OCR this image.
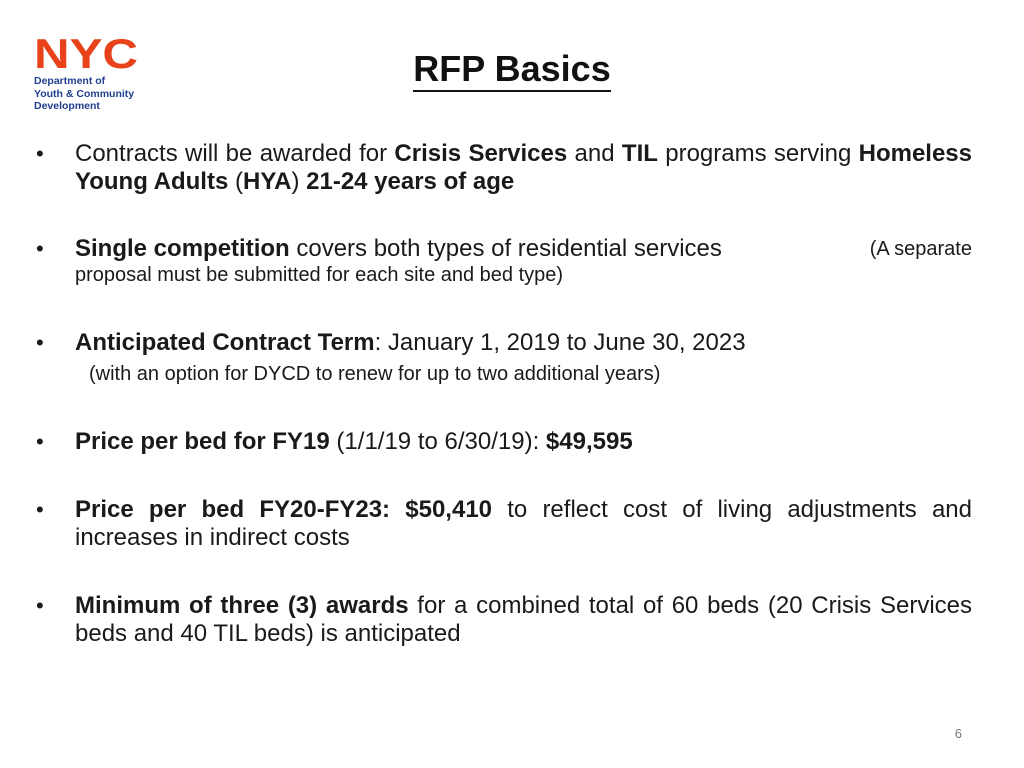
NYC
Department of
Youth & Community
Development
RFP Basics
• Contracts will be awarded for Crisis Services and TIL programs serving Homeless Young Adults (HYA) 21-24 years of age
•	(A separate
Single competition covers both types of residential services
proposal must be submitted for each site and bed type)
• Anticipated Contract Term: January 1, 2019 to June 30, 2023
(with an option for DYCD to renew for up to two additional years)
• Price per bed for FY19 (1/1/19 to 6/30/19): $49,595
• Price per bed FY20-FY23: $50,410 to reflect cost of living adjustments and increases in indirect costs
• Minimum of three (3) awards for a combined total of 60 beds (20 Crisis Services beds and 40 TIL beds) is anticipated
6
